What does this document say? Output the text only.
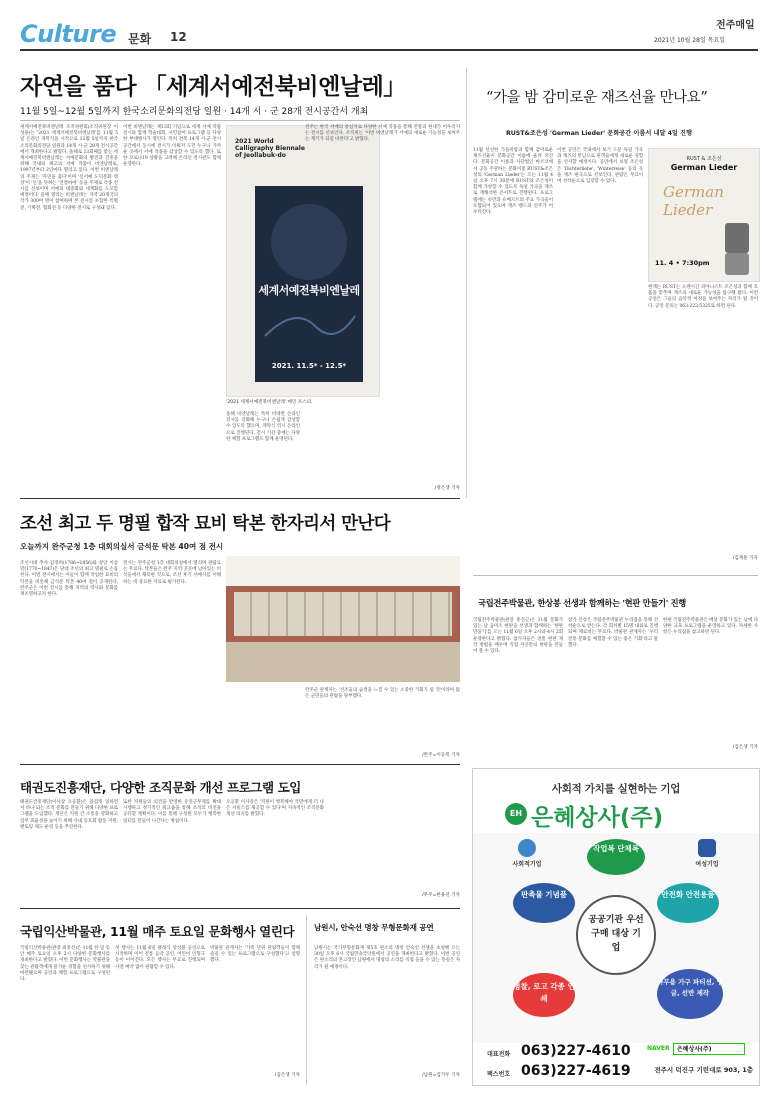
Culture 문화 12
전주매일
2021년 10월 28일 목요일
자연을 품다 「세계서예전북비엔날레」
11월 5일~12월 5일까지 한국소리문화의전당 일원 · 14개 시 · 군 28개 전시공간서 개최
세계서예전북비엔날레 조직위원회(조직위원장 이성용)는 '2021 세계서예전북비엔날레'를 11월 5일 온라인 개막식을 시작으로 12월 5일까지 한국소리문화의전당 일원과 14개 시·군 28개 전시공간에서 개최한다고 밝혔다. 올해로 13회째를 맞는 세계서예전북비엔날레는 서예문화의 발전과 진흥을 위해 국내외 최고의 서예 작품이 비엔날레로, 1997년부터 2년마다 열리고 있다. 이번 비엔날레의 주제는 '자연을 품다'이며 '신서예 도덕문화 영상'이 '신'을 뜻하는 '연결하여' 등을 주제로 각종 전시를 선보이며 서예의 대중화와 세계화를 도모할 예정이다. 올해 열리는 비엔날레는 지역 20개국의 작가 300여 명이 참여하며 본 전시를 포함한 특별전, 기획전, 협회전 등 다양한 전시로 구성돼 있다.
이번 비엔날레는 제13회 기념으로 세계 서예 작품 전시와 함께 학술대회, 시민참여 프로그램 등 다양한 부대행사가 열린다. 특히 전북 14개 시·군 전시공간에서 동시에 전시가 이뤄져 도민 누구나 가까운 곳에서 서예 작품을 감상할 수 있도록 했다. 또한 코로나19 상황을 고려해 온라인 전시관도 함께 운영한다.
2021 World Calligraphy Biennale of Jeollabuk-do
세계서예전북비엔날레
2021. 11.5* - 12.5*
'2021 세계서예전북비엔날레' 메인 포스터.
올해 비엔날레는 특히 비대면 온라인 전시를 강화해 누구나 손쉽게 감상할 수 있도록 했으며, 개막식 역시 온라인으로 진행된다. 전시 기간 중에는 다양한 체험 프로그램도 함께 운영된다.
전주는 한국 서예의 중심지로 다양한 서예 작품을 통해 전통과 현대가 어우러지는 전시를 선보인다. 조직위는 '이번 비엔날레가 서예의 새로운 가능성을 보여주는 계기가 되길 바란다'고 밝혔다.
/정은생 기자
“가을 밤 감미로운 재즈선율 만나요”
RUST&조은성 'German Lieder' 문화공간 이룸서 내달 4일 진행
11월 선선한 가을바람과 함께 감미로운 재즈선율이 문화공간 이룸에 울려 퍼진다. 문화공간 이룸과 사단법인 마르코에서 공동 주관하는 문화이룸 RUST&조은성의 'German Lieder'는 오는 11월 4일 오후 7시 30분에 RUST와 조은성이 함께 가창할 수 있도록 독일 가곡을 재즈로 재해석한 콘서트로 진행된다. 프로그램에는 슈만과 슈베르트의 주요 가곡들이 포함되어 있으며 재즈 밴드의 연주가 어우러진다.
이번 공연은 국내에서 보기 드문 독일 가곡과 재즈의 만남으로 관객들에게 새로운 경험을 선사할 예정이다. 공연에서 보컬 조은성은 'Dichterliebe', 'Winterreise' 등의 곡을 재즈 편곡으로 선보인다. 관람은 무료이며 선착순으로 입장할 수 있다.
RUST & 조은성
German Lieder
German Lieder
11. 4 • 7:30pm
현재는 RUST는 오랜시간 피아니스트 조은성과 함께 호흡을 맞추며 재즈의 새로운 가능성을 탐구해 왔다. 이번 공연은 그들의 음악적 여정을 보여주는 자리가 될 것이다. 공연 문의는 063-223-5325로 하면 된다.
/김재훈 기자
조선 최고 두 명필 합작 묘비 탁본 한자리서 만난다
오늘까지 완주군청 1층 대회의실서 금석문 탁본 40여 점 전시
조선시대 추사 김정희(1786~1856)와 창암 이삼만(1770~1847)은 당대 조선의 최고 명필로 손꼽힌다. 이번 전시에서는 이들이 함께 작업한 묘비의 탁본을 비롯해 금석문 탁본 40여 점이 공개된다. 완주군은 이번 전시를 통해 지역의 역사와 문화를 재조명하고자 한다.
전시는 완주군청 1층 대회의실에서 열리며 관람료는 무료다. 탁본들은 완주 지역 곳곳에 남아있는 비석들에서 채록한 것으로, 조선 후기 서예사를 이해하는 데 중요한 자료로 평가된다.
완주군 관계자는 '선조들의 숨결을 느낄 수 있는 소중한 기회가 될 것'이라며 많은 군민들의 관람을 당부했다.
/완주=이동복 기자
국립전주박물관, 한상봉 선생과 함께하는 '현판 만들기' 진행
국립전주박물관(관장 홍진근)은 11월 문화가 있는 날 음미소 현판을 선생과 함께하는 '현판 만들기'를 오는 11월 6일 오후 2시와 4시 2회 운영한다고 밝혔다. 참가자들은 전통 현판 제작 방법을 배우며 직접 자신만의 현판을 만들어 볼 수 있다.
참가 신청은 국립전주박물관 누리집을 통해 선착순으로 받는다. 각 회차별 15명 내외로 진행되며 재료비는 무료다. 박물관 관계자는 '우리 전통 문화를 체험할 수 있는 좋은 기회'라고 말했다.
한편 국립전주박물관은 매달 문화가 있는 날에 다양한 교육 프로그램을 운영하고 있다. 자세한 사항은 누리집을 참고하면 된다.
/김은생 기자
태권도진흥재단, 다양한 조직문화 개선 프로그램 도입
태권도진흥재단(이사장 오응환)은 즐겁게 일하면서 하나 되는 조직 문화를 만들기 위해 다양한 프로그램을 도입했다. 재단은 직원 간 소통을 강화하고 업무 효율성을 높이기 위해 사내 동호회 활동 지원, 멘토링 제도 운영 등을 추진한다.
또한 직원들의 의견을 반영한 유연근무제를 확대 시행하고 정기적인 워크숍을 통해 조직의 비전을 공유할 계획이다. 이를 통해 구성원 모두가 행복한 일터를 만들어 나간다는 방침이다.
오응환 이사장은 '직원이 행복해야 국민에게 더 나은 서비스를 제공할 수 있다'며 지속적인 조직문화 개선 의지를 밝혔다.
/무주=한용선 기자
국립익산박물관, 11월 매주 토요일 문화행사 열린다
국립익산박물관(관장 최흥선)은 11월 한 달 동안 매주 토요일 오후 2시 다양한 문화행사를 개최한다고 밝혔다. 이번 문화행사는 박물관을 찾는 관람객에게 즐거운 경험을 선사하기 위해 마련됐으며 공연과 체험 프로그램으로 구성된다.
첫 행사는 11월 6일 클래식 앙상블 공연으로 시작하며 이어 전통 음악 공연, 어린이 인형극 등이 이어진다. 모든 행사는 무료로 진행되며 사전 예약 없이 관람할 수 있다.
박물관 관계자는 '가족 단위 관람객들이 함께 즐길 수 있는 프로그램으로 구성했다'고 설명했다.
/김은생 기자
남원시, 안숙선 명창 무형문화재 공연
남원시는 국가무형문화재 제5호 판소리 명창 안숙선 선생을 초청해 오는 30일 오후 6시 국립민속국악원에서 공연을 개최한다고 밝혔다. 이번 공연은 판소리의 본고장인 남원에서 명창의 소리를 직접 들을 수 있는 뜻깊은 자리가 될 예정이다.
/남원=김기두 기자
사회적 가치를 실현하는 기업
EH 은혜상사(주)
사회적기업	여성기업
작업복 단체복
판촉물 기념품	안전화 안전용품
공공기관 우선 구매 대상 기업
명찰, 로고 각종 인쇄
사무용 가구 파티션, 앵글, 선반 제작
대표전화 063)227-4610
팩스번호 063)227-4619
NAVER	은혜상사(주)
전주시 덕진구 기린대로 903, 1층
